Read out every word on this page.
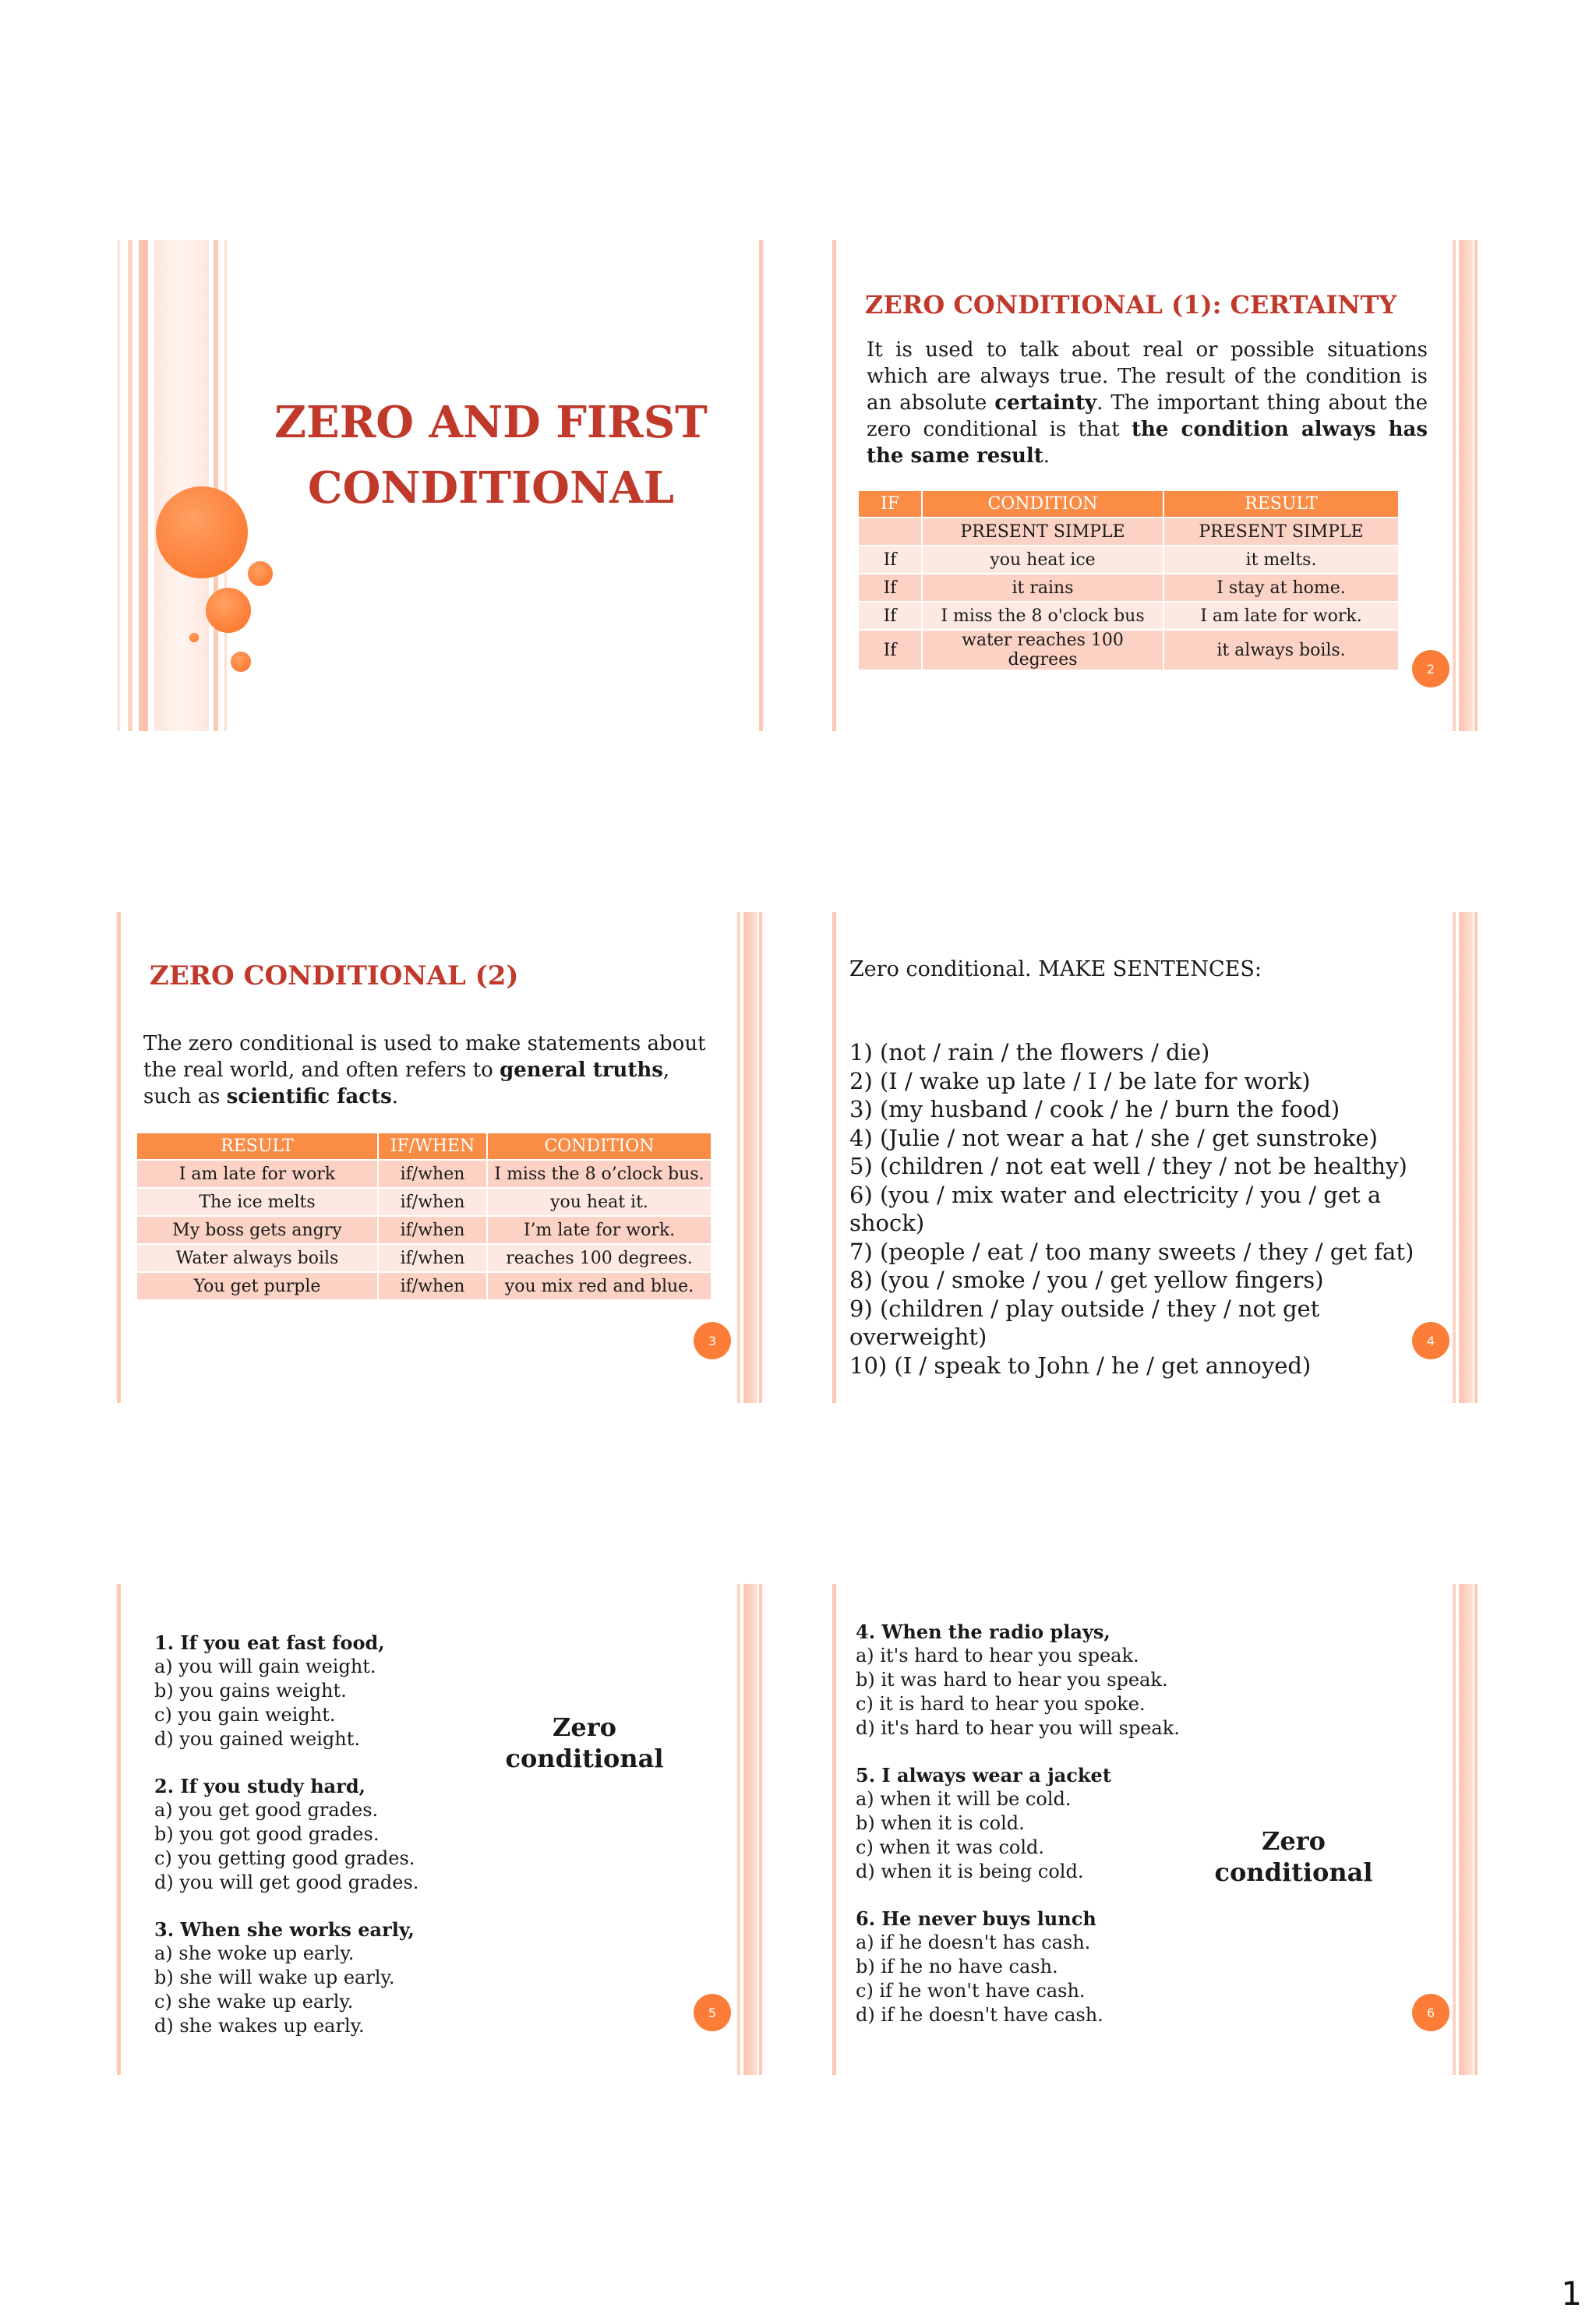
ZERO AND FIRST
CONDITIONAL
ZERO CONDITIONAL (1): CERTAINTY
It is used to talk about real or possible situations which are always true. The result of the condition is an absolute certainty. The important thing about the zero conditional is that the condition always has the same result.
IF	CONDITION	RESULT
	PRESENT SIMPLE	PRESENT SIMPLE
If	you heat ice	it melts.
If	it rains	I stay at home.
If	I miss the 8 o'clock bus	I am late for work.
If	water reaches 100 degrees	it always boils.
2
ZERO CONDITIONAL (2)
The zero conditional is used to make statements about the real world, and often refers to general truths, such as scientific facts.
RESULT	IF/WHEN	CONDITION
I am late for work	if/when	I miss the 8 o’clock bus.
The ice melts	if/when	you heat it.
My boss gets angry	if/when	I’m late for work.
Water always boils	if/when	reaches 100 degrees.
You get purple	if/when	you mix red and blue.
3
Zero conditional. MAKE SENTENCES:
1) (not / rain / the flowers / die)
2) (I / wake up late / I / be late for work)
3) (my husband / cook / he / burn the food)
4) (Julie / not wear a hat / she / get sunstroke)
5) (children / not eat well / they / not be healthy)
6) (you / mix water and electricity / you / get a shock)
7) (people / eat / too many sweets / they / get fat)
8) (you / smoke / you / get yellow fingers)
9) (children / play outside / they / not get overweight)
10) (I / speak to John / he / get annoyed)
4
1. If you eat fast food,
a) you will gain weight.
b) you gains weight.
c) you gain weight.
d) you gained weight.
2. If you study hard,
a) you get good grades.
b) you got good grades.
c) you getting good grades.
d) you will get good grades.
3. When she works early,
a) she woke up early.
b) she will wake up early.
c) she wake up early.
d) she wakes up early.
Zero
conditional
5
4. When the radio plays,
a) it's hard to hear you speak.
b) it was hard to hear you speak.
c) it is hard to hear you spoke.
d) it's hard to hear you will speak.
5. I always wear a jacket
a) when it will be cold.
b) when it is cold.
c) when it was cold.
d) when it is being cold.
6. He never buys lunch
a) if he doesn't has cash.
b) if he no have cash.
c) if he won't have cash.
d) if he doesn't have cash.
Zero
conditional
6
1
